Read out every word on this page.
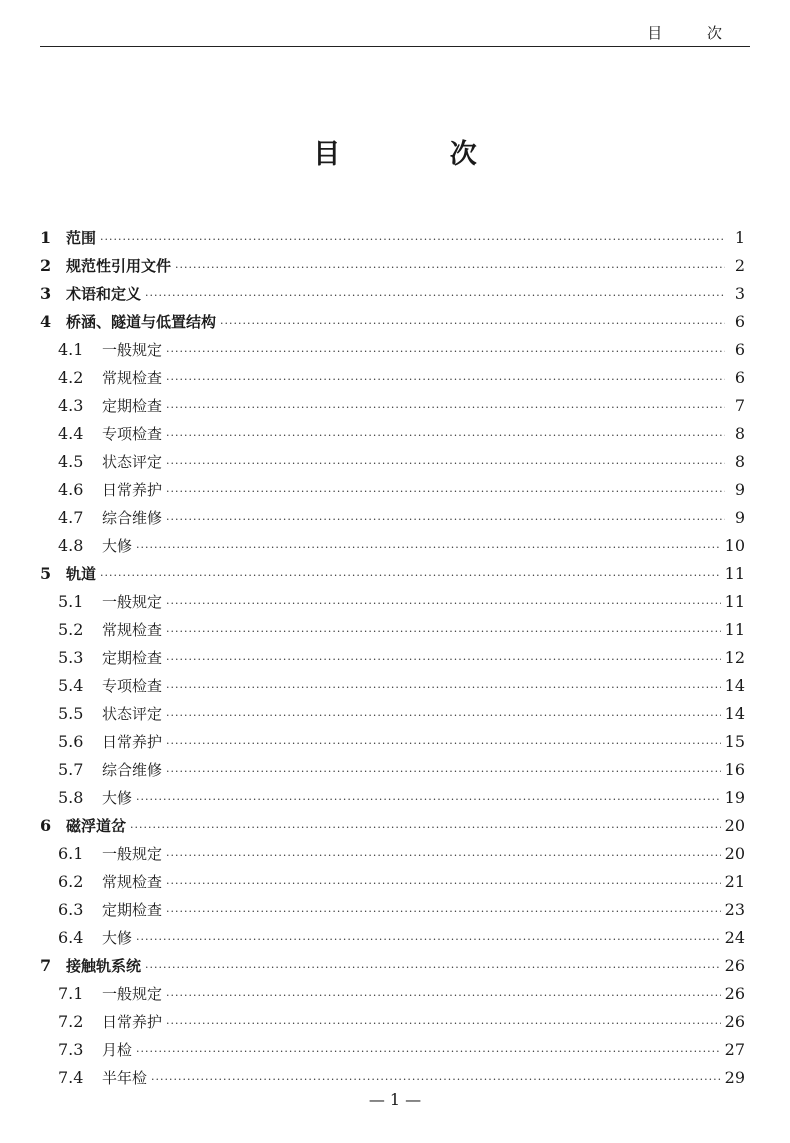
目 次
目 次
1 范围 ·····	1
2 规范性引用文件 ·····	2
3 术语和定义 ·····	3
4 桥涵、隧道与低置结构 ·····	6
4.1	一般规定 ·····	6
4.2	常规检查 ·····	6
4.3	定期检查 ·····	7
4.4	专项检查 ·····	8
4.5	状态评定 ·····	8
4.6	日常养护 ·····	9
4.7	综合维修 ·····	9
4.8	大修 ·····	10
5 轨道 ·····	11
5.1	一般规定 ·····	11
5.2	常规检查 ·····	11
5.3	定期检查 ·····	12
5.4	专项检查 ·····	14
5.5	状态评定 ·····	14
5.6	日常养护 ·····	15
5.7	综合维修 ·····	16
5.8	大修 ·····	19
6 磁浮道岔 ·····	20
6.1	一般规定 ·····	20
6.2	常规检查 ·····	21
6.3	定期检查 ·····	23
6.4	大修 ·····	24
7 接触轨系统 ·····	26
7.1	一般规定 ·····	26
7.2	日常养护 ·····	26
7.3	月检 ·····	27
7.4	半年检 ·····	29
— 1 —
